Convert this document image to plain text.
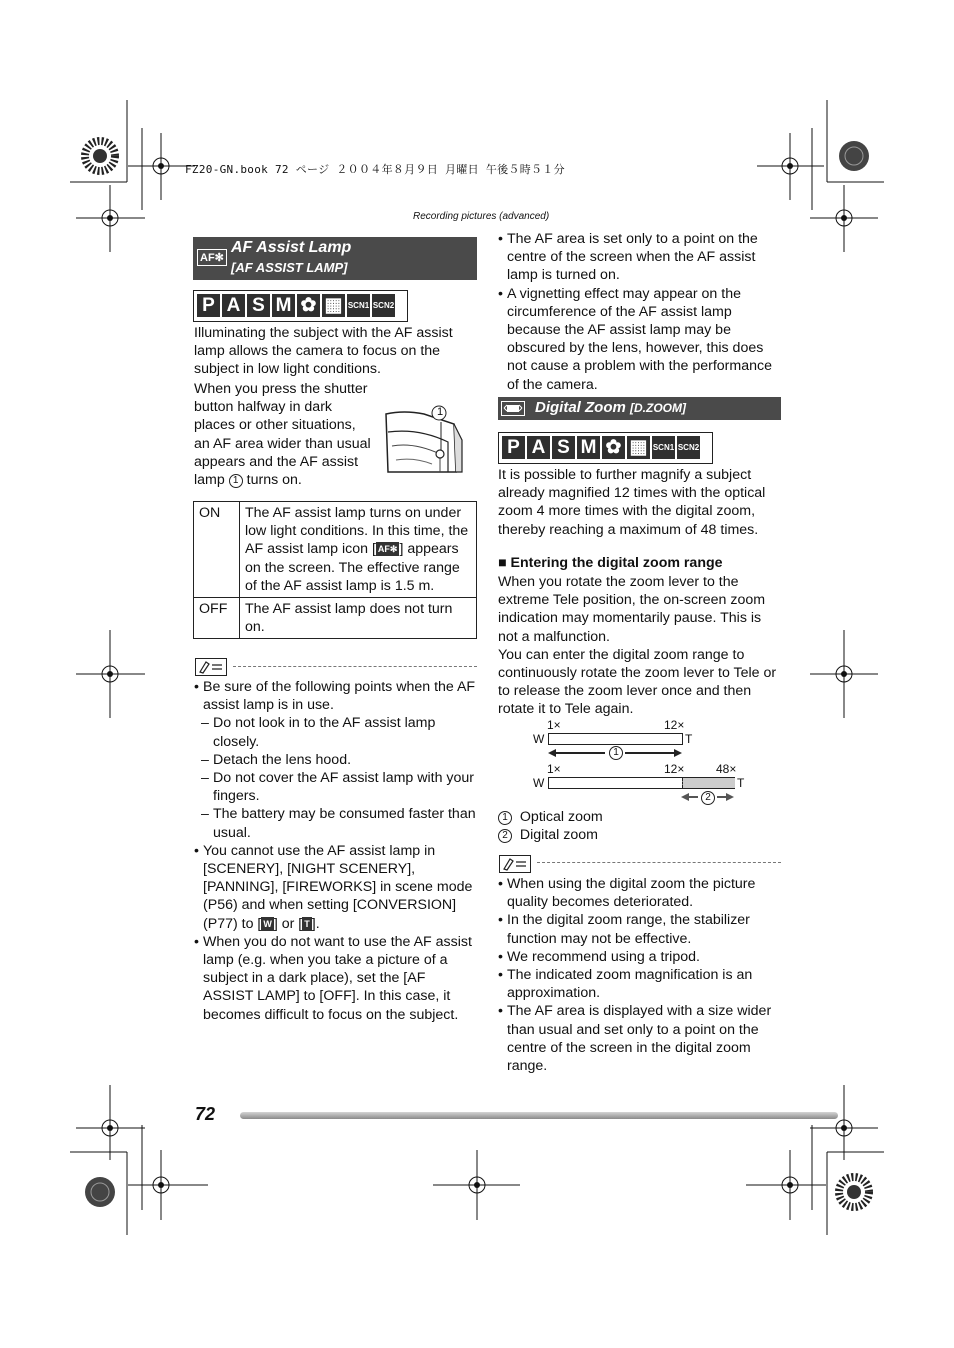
FZ20-GN.book 72 ページ ２００４年８月９日 月曜日 午後５時５１分
Recording pictures (advanced)
AF✻
AF Assist Lamp
[AF ASSIST LAMP]
P A S M ✿ ▦ SCN1 SCN2
Illuminating the subject with the AF assist lamp allows the camera to focus on the subject in low light conditions.
When you press the shutter
button halfway in dark
places or other situations,
an AF area wider than usual
appears and the AF assist
lamp 1 turns on.
1
ON	The AF assist lamp turns on under low light conditions. In this time, the AF assist lamp icon [ AF✻ ] appears on the screen. The effective range of the AF assist lamp is 1.5 m.
OFF	The AF assist lamp does not turn on.
• Be sure of the following points when the AF assist lamp is in use.
– Do not look in to the AF assist lamp closely.
– Detach the lens hood.
– Do not cover the AF assist lamp with your fingers.
– The battery may be consumed faster than usual.
• You cannot use the AF assist lamp in [SCENERY], [NIGHT SCENERY], [PANNING], [FIREWORKS] in scene mode (P56) and when setting [CONVERSION] (P77) to [ W ] or [ T ].
• When you do not want to use the AF assist lamp (e.g. when you take a picture of a subject in a dark place), set the [AF ASSIST LAMP] to [OFF]. In this case, it becomes difficult to focus on the subject.
• The AF area is set only to a point on the centre of the screen when the AF assist lamp is turned on.
• A vignetting effect may appear on the circumference of the AF assist lamp because the AF assist lamp may be obscured by the lens, however, this does not cause a problem with the performance of the camera.
Digital Zoom [D.ZOOM]
P A S M ✿ ▦ SCN1 SCN2
It is possible to further magnify a subject already magnified 12 times with the optical zoom 4 more times with the digital zoom, thereby reaching a maximum of 48 times.
■ Entering the digital zoom range
When you rotate the zoom lever to the extreme Tele position, the on-screen zoom indication may momentarily pause. This is not a malfunction.
You can enter the digital zoom range to continuously rotate the zoom lever to Tele or to release the zoom lever once and then rotate it to Tele again.
1×	12×
W	T
1
1×	12×	48×
W	T
2
1 Optical zoom
2 Digital zoom
• When using the digital zoom the picture quality becomes deteriorated.
• In the digital zoom range, the stabilizer function may not be effective.
• We recommend using a tripod.
• The indicated zoom magnification is an approximation.
• The AF area is displayed with a size wider than usual and set only to a point on the centre of the screen in the digital zoom range.
72
